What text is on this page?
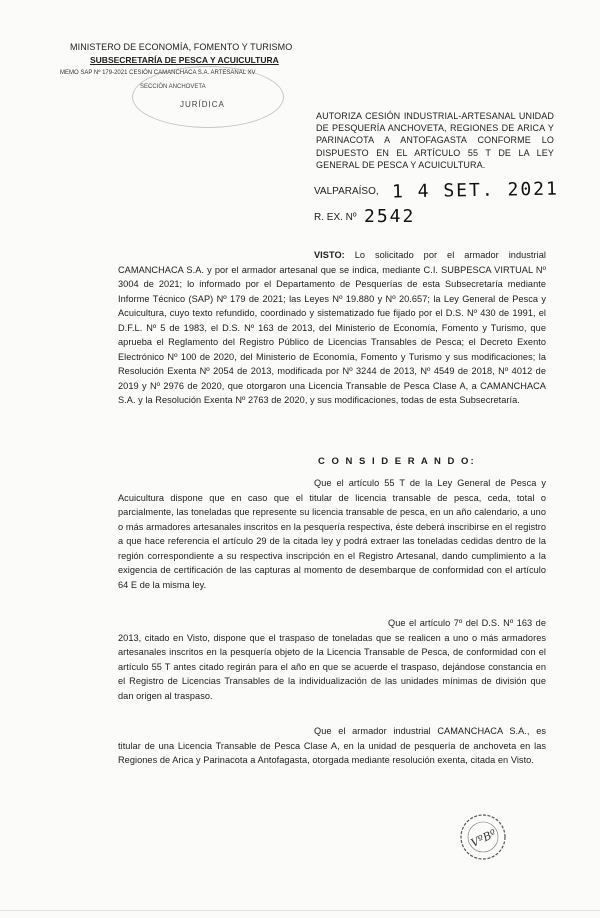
MINISTERO DE ECONOMÍA, FOMENTO Y TURISMO
SUBSECRETARÍA DE PESCA Y ACUICULTURA
MEMO SAP Nº 179-2021 CESIÓN CAMANCHACA S.A. ARTESANAL XV
SECCIÓN ANCHOVETA
JURÍDICA
AUTORIZA CESIÓN INDUSTRIAL-ARTESANAL UNIDAD DE PESQUERÍA ANCHOVETA, REGIONES DE ARICA Y PARINACOTA A ANTOFAGASTA CONFORME LO DISPUESTO EN EL ARTÍCULO 55 T DE LA LEY GENERAL DE PESCA Y ACUICULTURA.
VALPARAÍSO, 1 4 SET. 2021
R. EX. Nº 2542
VISTO: Lo solicitado por el armador industrial CAMANCHACA S.A. y por el armador artesanal que se indica, mediante C.I. SUBPESCA VIRTUAL Nº 3004 de 2021; lo informado por el Departamento de Pesquerías de esta Subsecretaría mediante Informe Técnico (SAP) Nº 179 de 2021; las Leyes Nº 19.880 y Nº 20.657; la Ley General de Pesca y Acuicultura, cuyo texto refundido, coordinado y sistematizado fue fijado por el D.S. Nº 430 de 1991, el D.F.L. Nº 5 de 1983, el D.S. Nº 163 de 2013, del Ministerio de Economía, Fomento y Turismo, que aprueba el Reglamento del Registro Público de Licencias Transables de Pesca; el Decreto Exento Electrónico Nº 100 de 2020, del Ministerio de Economía, Fomento y Turismo y sus modificaciones; la Resolución Exenta Nº 2054 de 2013, modificada por Nº 3244 de 2013, Nº 4549 de 2018, Nº 4012 de 2019 y Nº 2976 de 2020, que otorgaron una Licencia Transable de Pesca Clase A, a CAMANCHACA S.A. y la Resolución Exenta Nº 2763 de 2020, y sus modificaciones, todas de esta Subsecretaría.
C O N S I D E R A N D O:
Que el artículo 55 T de la Ley General de Pesca y Acuicultura dispone que en caso que el titular de licencia transable de pesca, ceda, total o parcialmente, las toneladas que represente su licencia transable de pesca, en un año calendario, a uno o más armadores artesanales inscritos en la pesquería respectiva, éste deberá inscribirse en el registro a que hace referencia el artículo 29 de la citada ley y podrá extraer las toneladas cedidas dentro de la región correspondiente a su respectiva inscripción en el Registro Artesanal, dando cumplimiento a la exigencia de certificación de las capturas al momento de desembarque de conformidad con el artículo 64 E de la misma ley.
Que el artículo 7º del D.S. Nº 163 de 2013, citado en Visto, dispone que el traspaso de toneladas que se realicen a uno o más armadores artesanales inscritos en la pesquería objeto de la Licencia Transable de Pesca, de conformidad con el artículo 55 T antes citado regirán para el año en que se acuerde el traspaso, dejándose constancia en el Registro de Licencias Transables de la individualización de las unidades mínimas de división que dan origen al traspaso.
Que el armador industrial CAMANCHACA S.A., es titular de una Licencia Transable de Pesca Clase A, en la unidad de pesquería de anchoveta en las Regiones de Arica y Parinacota a Antofagasta, otorgada mediante resolución exenta, citada en Visto.
VºBº
